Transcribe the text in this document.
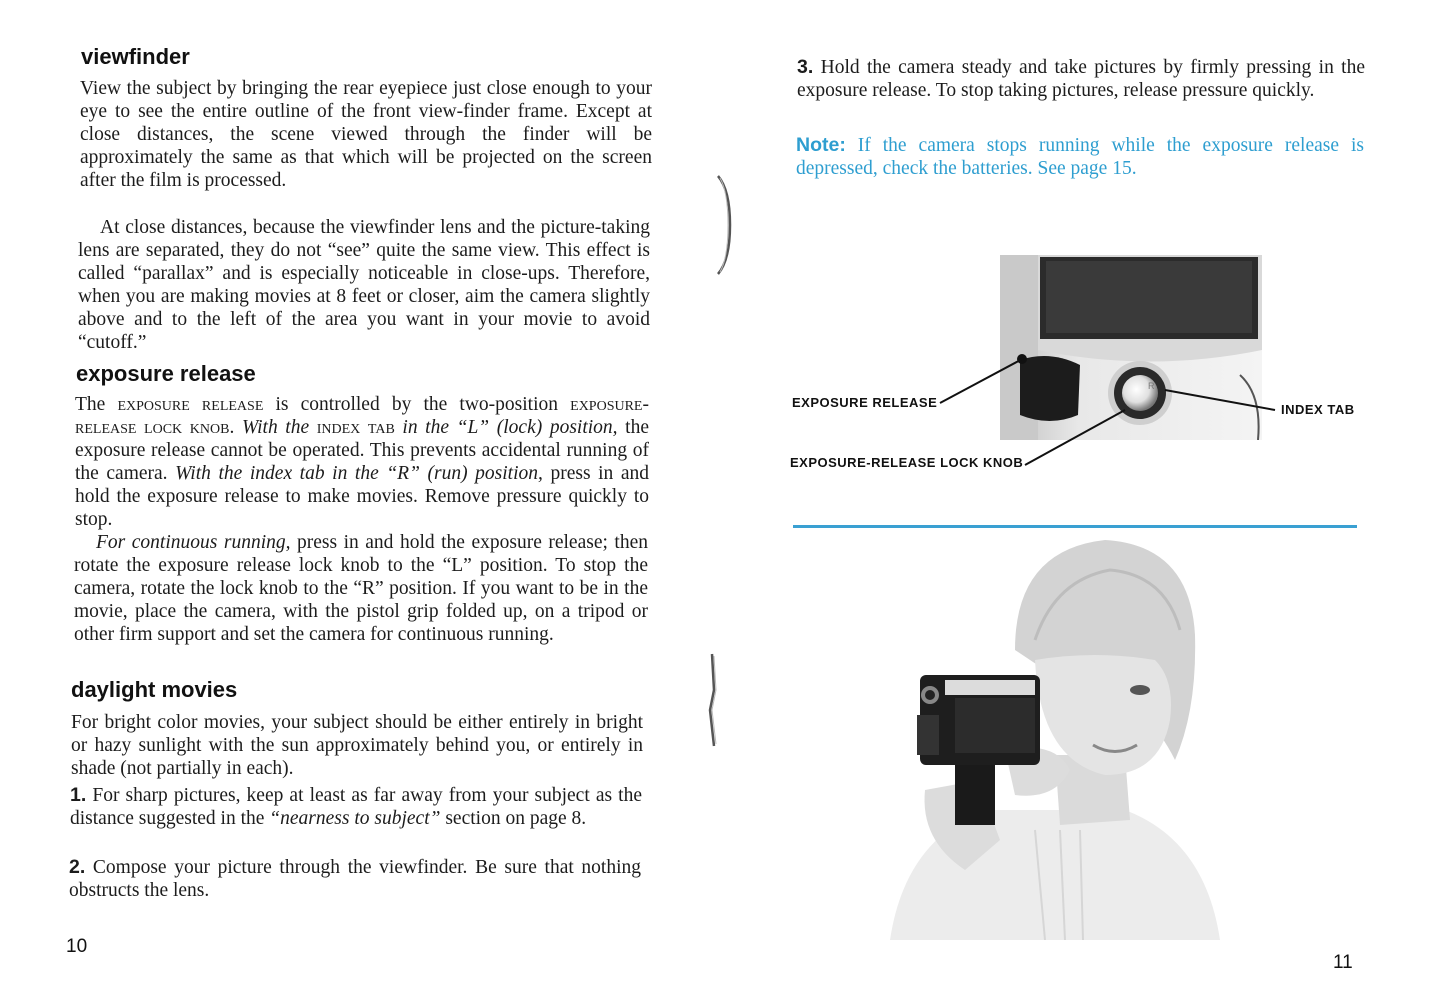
viewfinder

View the subject by bringing the rear eyepiece just close enough to your eye to see the entire outline of the front view-finder frame. Except at close distances, the scene viewed through the finder will be approximately the same as that which will be projected on the screen after the film is processed.

At close distances, because the viewfinder lens and the picture-taking lens are separated, they do not “see” quite the same view. This effect is called “parallax” and is especially noticeable in close-ups. Therefore, when you are making movies at 8 feet or closer, aim the camera slightly above and to the left of the area you want in your movie to avoid “cutoff.”

exposure release

The exposure release is controlled by the two-position exposure-release lock knob. With the index tab in the “L” (lock) position, the exposure release cannot be operated. This prevents accidental running of the camera. With the index tab in the “R” (run) position, press in and hold the exposure release to make movies. Remove pressure quickly to stop.

For continuous running, press in and hold the exposure release; then rotate the exposure release lock knob to the “L” position. To stop the camera, rotate the lock knob to the “R” position. If you want to be in the movie, place the camera, with the pistol grip folded up, on a tripod or other firm support and set the camera for continuous running.

daylight movies

For bright color movies, your subject should be either entirely in bright or hazy sunlight with the sun approximately behind you, or entirely in shade (not partially in each).

1. For sharp pictures, keep at least as far away from your subject as the distance suggested in the “nearness to subject” section on page 8.

2. Compose your picture through the viewfinder. Be sure that nothing obstructs the lens.

10

3. Hold the camera steady and take pictures by firmly pressing in the exposure release. To stop taking pictures, release pressure quickly.

Note: If the camera stops running while the exposure release is depressed, check the batteries. See page 15.

R
EXPOSURE RELEASE	INDEX TAB
EXPOSURE-RELEASE LOCK KNOB
11
